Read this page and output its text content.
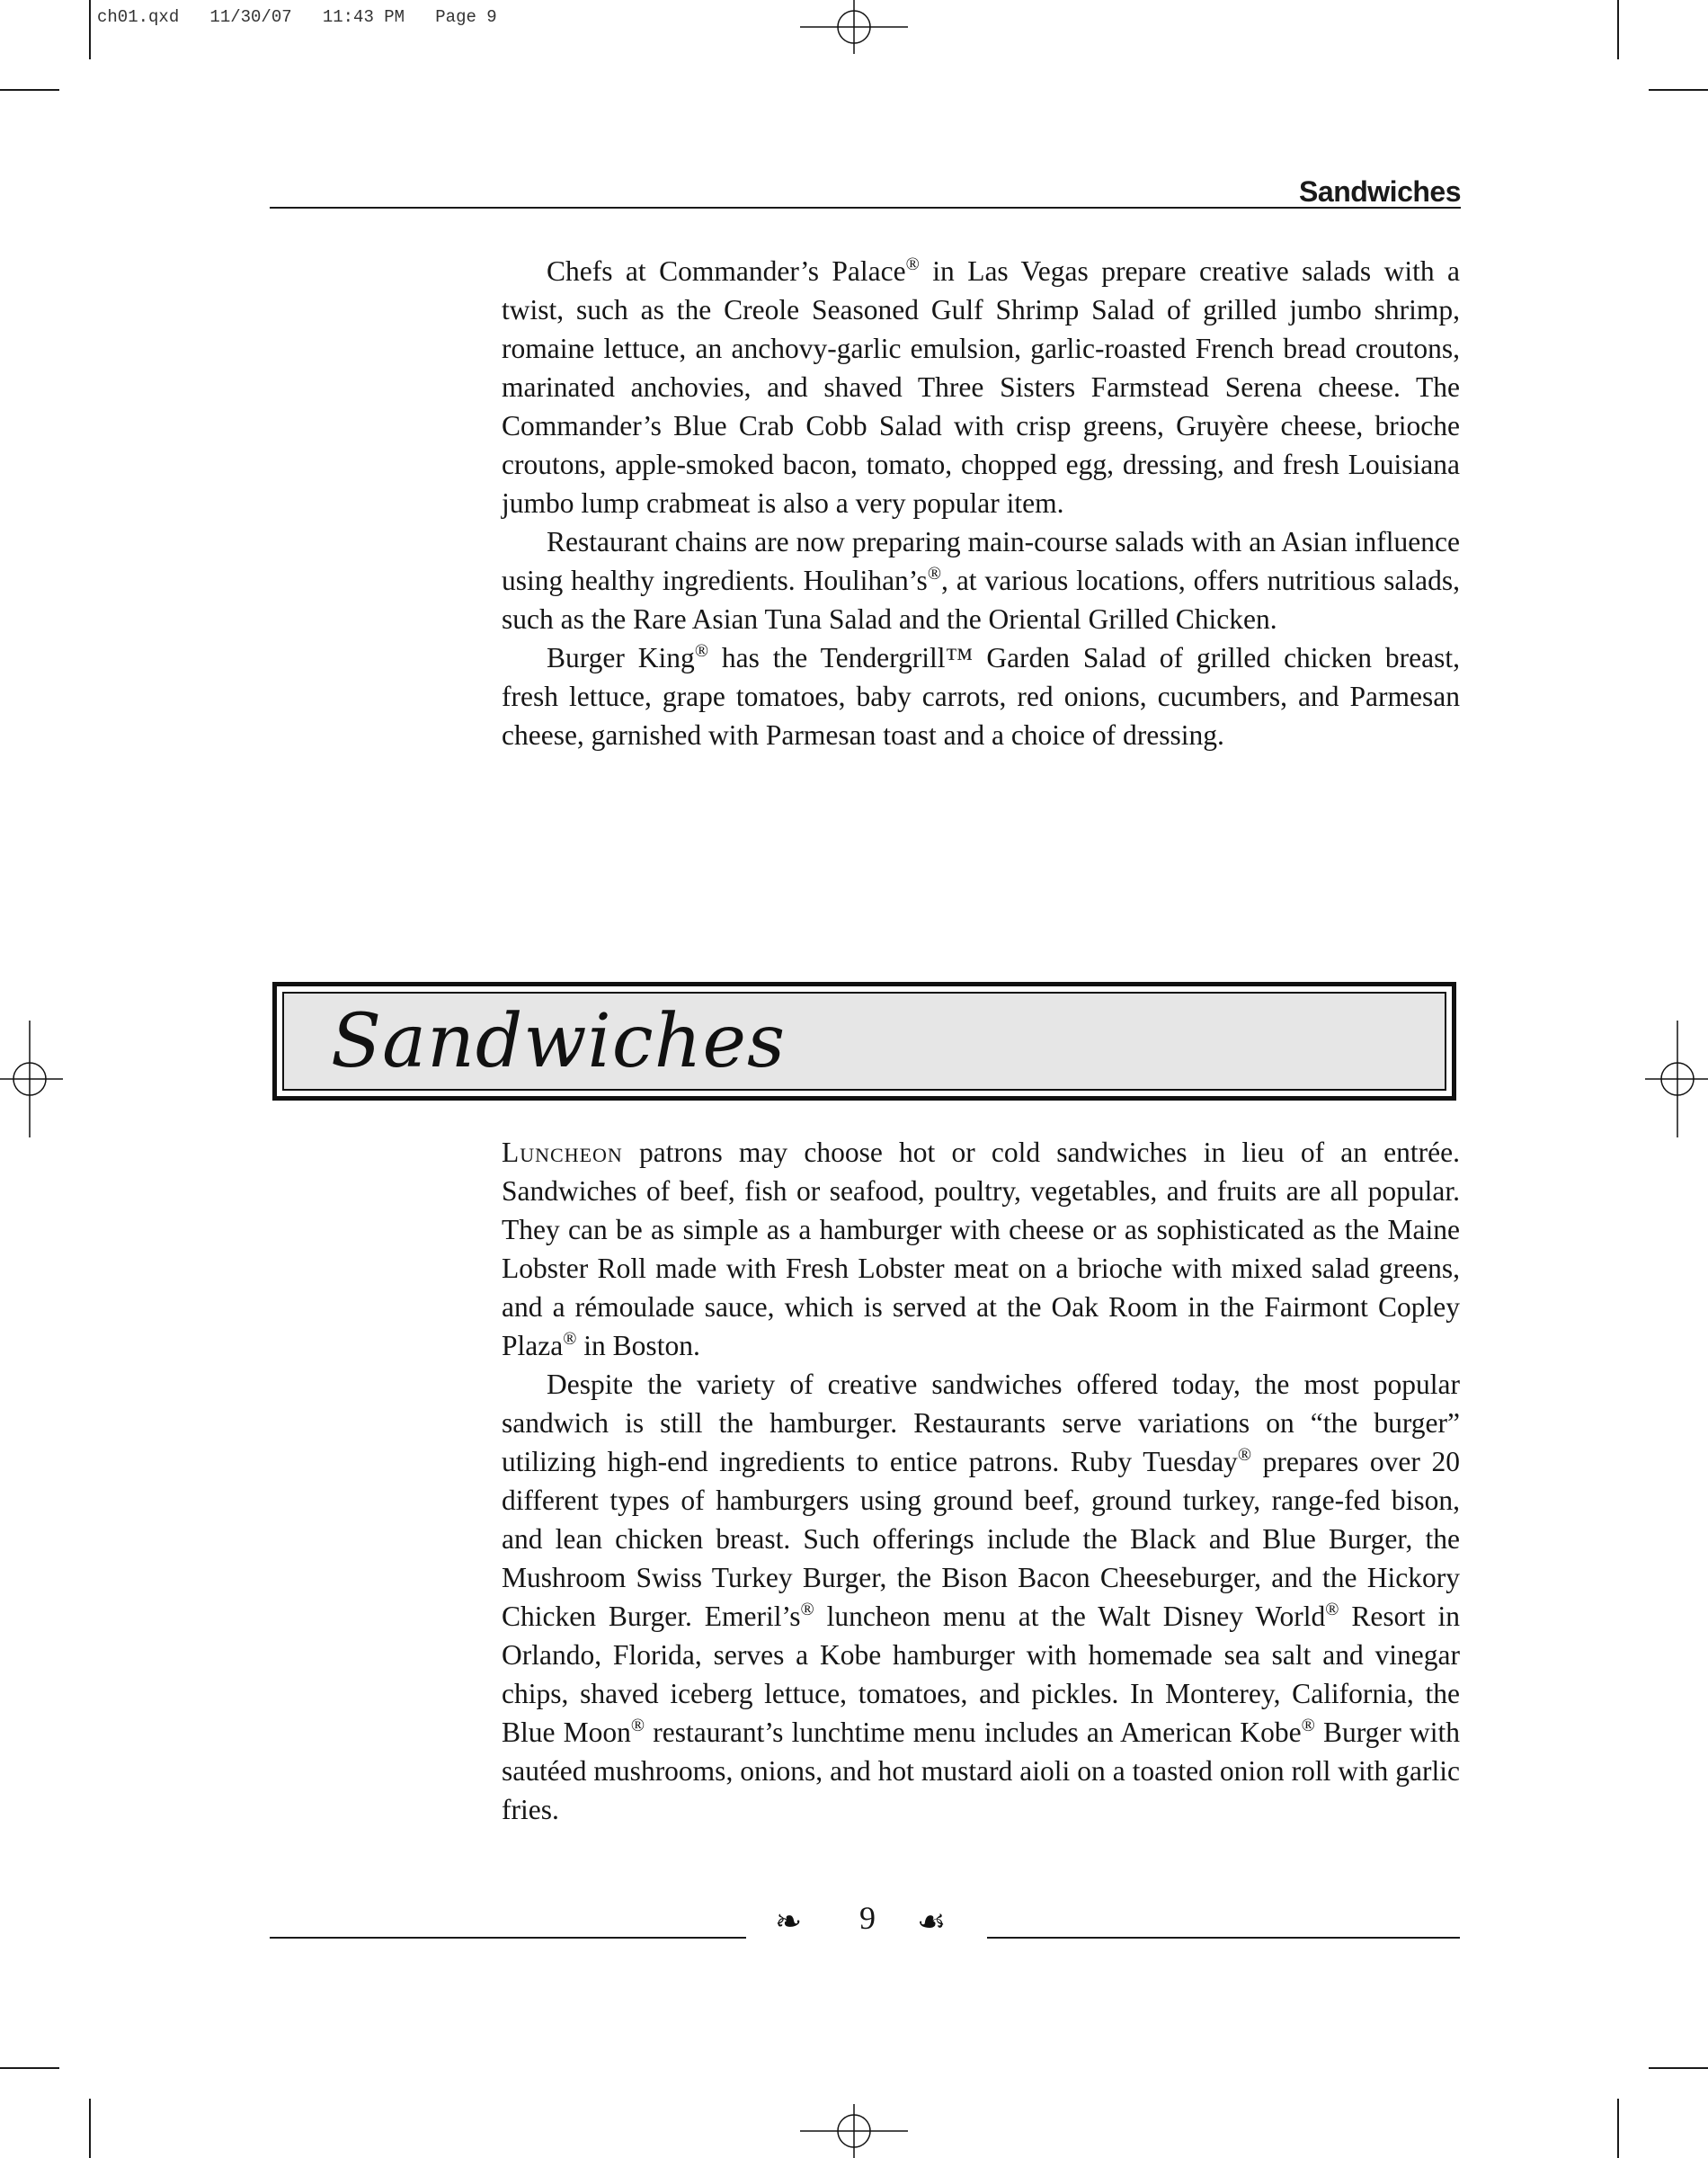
ch01.qxd   11/30/07   11:43 PM   Page 9
Sandwiches

Chefs at Commander’s Palace® in Las Vegas prepare creative salads with a twist, such as the Creole Seasoned Gulf Shrimp Salad of grilled jumbo shrimp, romaine lettuce, an anchovy-garlic emulsion, garlic-roasted French bread croutons, marinated anchovies, and shaved Three Sisters Farmstead Serena cheese. The Commander’s Blue Crab Cobb Salad with crisp greens, Gruyère cheese, brioche croutons, apple-smoked bacon, tomato, chopped egg, dressing, and fresh Louisiana jumbo lump crabmeat is also a very popular item.

Restaurant chains are now preparing main-course salads with an Asian influence using healthy ingredients. Houlihan’s®, at various locations, offers nutritious salads, such as the Rare Asian Tuna Salad and the Oriental Grilled Chicken.

Burger King® has the Tendergrill™ Garden Salad of grilled chicken breast, fresh lettuce, grape tomatoes, baby carrots, red onions, cucumbers, and Parmesan cheese, garnished with Parmesan toast and a choice of dressing.

Sandwiches

Luncheon patrons may choose hot or cold sandwiches in lieu of an entrée. Sandwiches of beef, fish or seafood, poultry, vegetables, and fruits are all popular. They can be as simple as a hamburger with cheese or as sophisticated as the Maine Lobster Roll made with Fresh Lobster meat on a brioche with mixed salad greens, and a rémoulade sauce, which is served at the Oak Room in the Fairmont Copley Plaza® in Boston.

Despite the variety of creative sandwiches offered today, the most popular sandwich is still the hamburger. Restaurants serve variations on “the burger” utilizing high-end ingredients to entice patrons. Ruby Tuesday® prepares over 20 different types of hamburgers using ground beef, ground turkey, range-fed bison, and lean chicken breast. Such offerings include the Black and Blue Burger, the Mushroom Swiss Turkey Burger, the Bison Bacon Cheeseburger, and the Hickory Chicken Burger. Emeril’s® luncheon menu at the Walt Disney World® Resort in Orlando, Florida, serves a Kobe hamburger with homemade sea salt and vinegar chips, shaved iceberg lettuce, tomatoes, and pickles. In Monterey, California, the Blue Moon® restaurant’s lunchtime menu includes an American Kobe® Burger with sautéed mushrooms, onions, and hot mustard aioli on a toasted onion roll with garlic fries.

❧	9	☙
